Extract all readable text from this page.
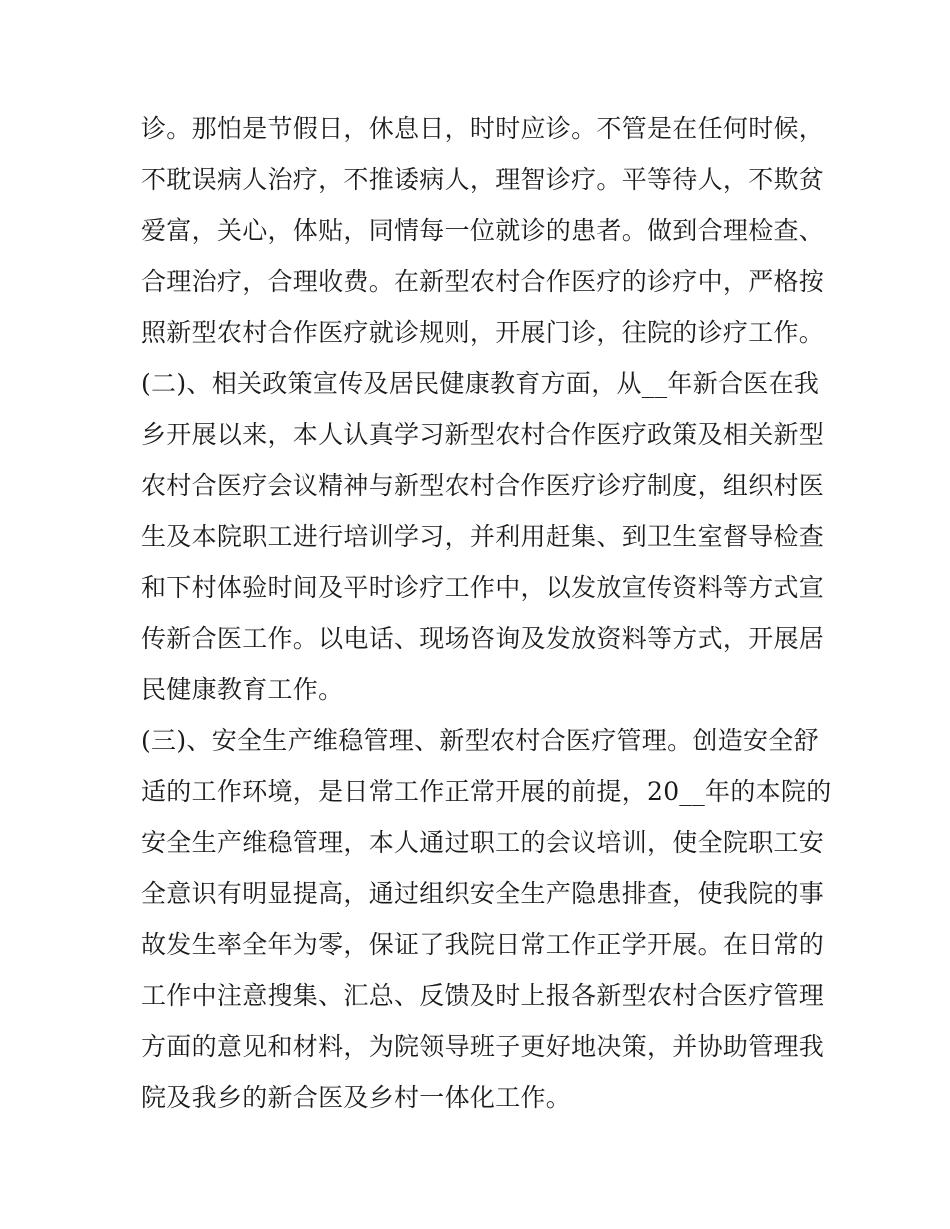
诊。那怕是节假日，休息日，时时应诊。不管是在任何时候，
不耽误病人治疗，不推诿病人，理智诊疗。平等待人，不欺贫
爱富，关心，体贴，同情每一位就诊的患者。做到合理检查、
合理治疗，合理收费。在新型农村合作医疗的诊疗中，严格按
照新型农村合作医疗就诊规则，开展门诊，往院的诊疗工作。
(二)、相关政策宣传及居民健康教育方面，从__年新合医在我
乡开展以来，本人认真学习新型农村合作医疗政策及相关新型
农村合医疗会议精神与新型农村合作医疗诊疗制度，组织村医
生及本院职工进行培训学习，并利用赶集、到卫生室督导检查
和下村体验时间及平时诊疗工作中，以发放宣传资料等方式宣
传新合医工作。以电话、现场咨询及发放资料等方式，开展居
民健康教育工作。
(三)、安全生产维稳管理、新型农村合医疗管理。创造安全舒
适的工作环境，是日常工作正常开展的前提，20__年的本院的
安全生产维稳管理，本人通过职工的会议培训，使全院职工安
全意识有明显提高，通过组织安全生产隐患排查，使我院的事
故发生率全年为零，保证了我院日常工作正学开展。在日常的
工作中注意搜集、汇总、反馈及时上报各新型农村合医疗管理
方面的意见和材料，为院领导班子更好地决策，并协助管理我
院及我乡的新合医及乡村一体化工作。
